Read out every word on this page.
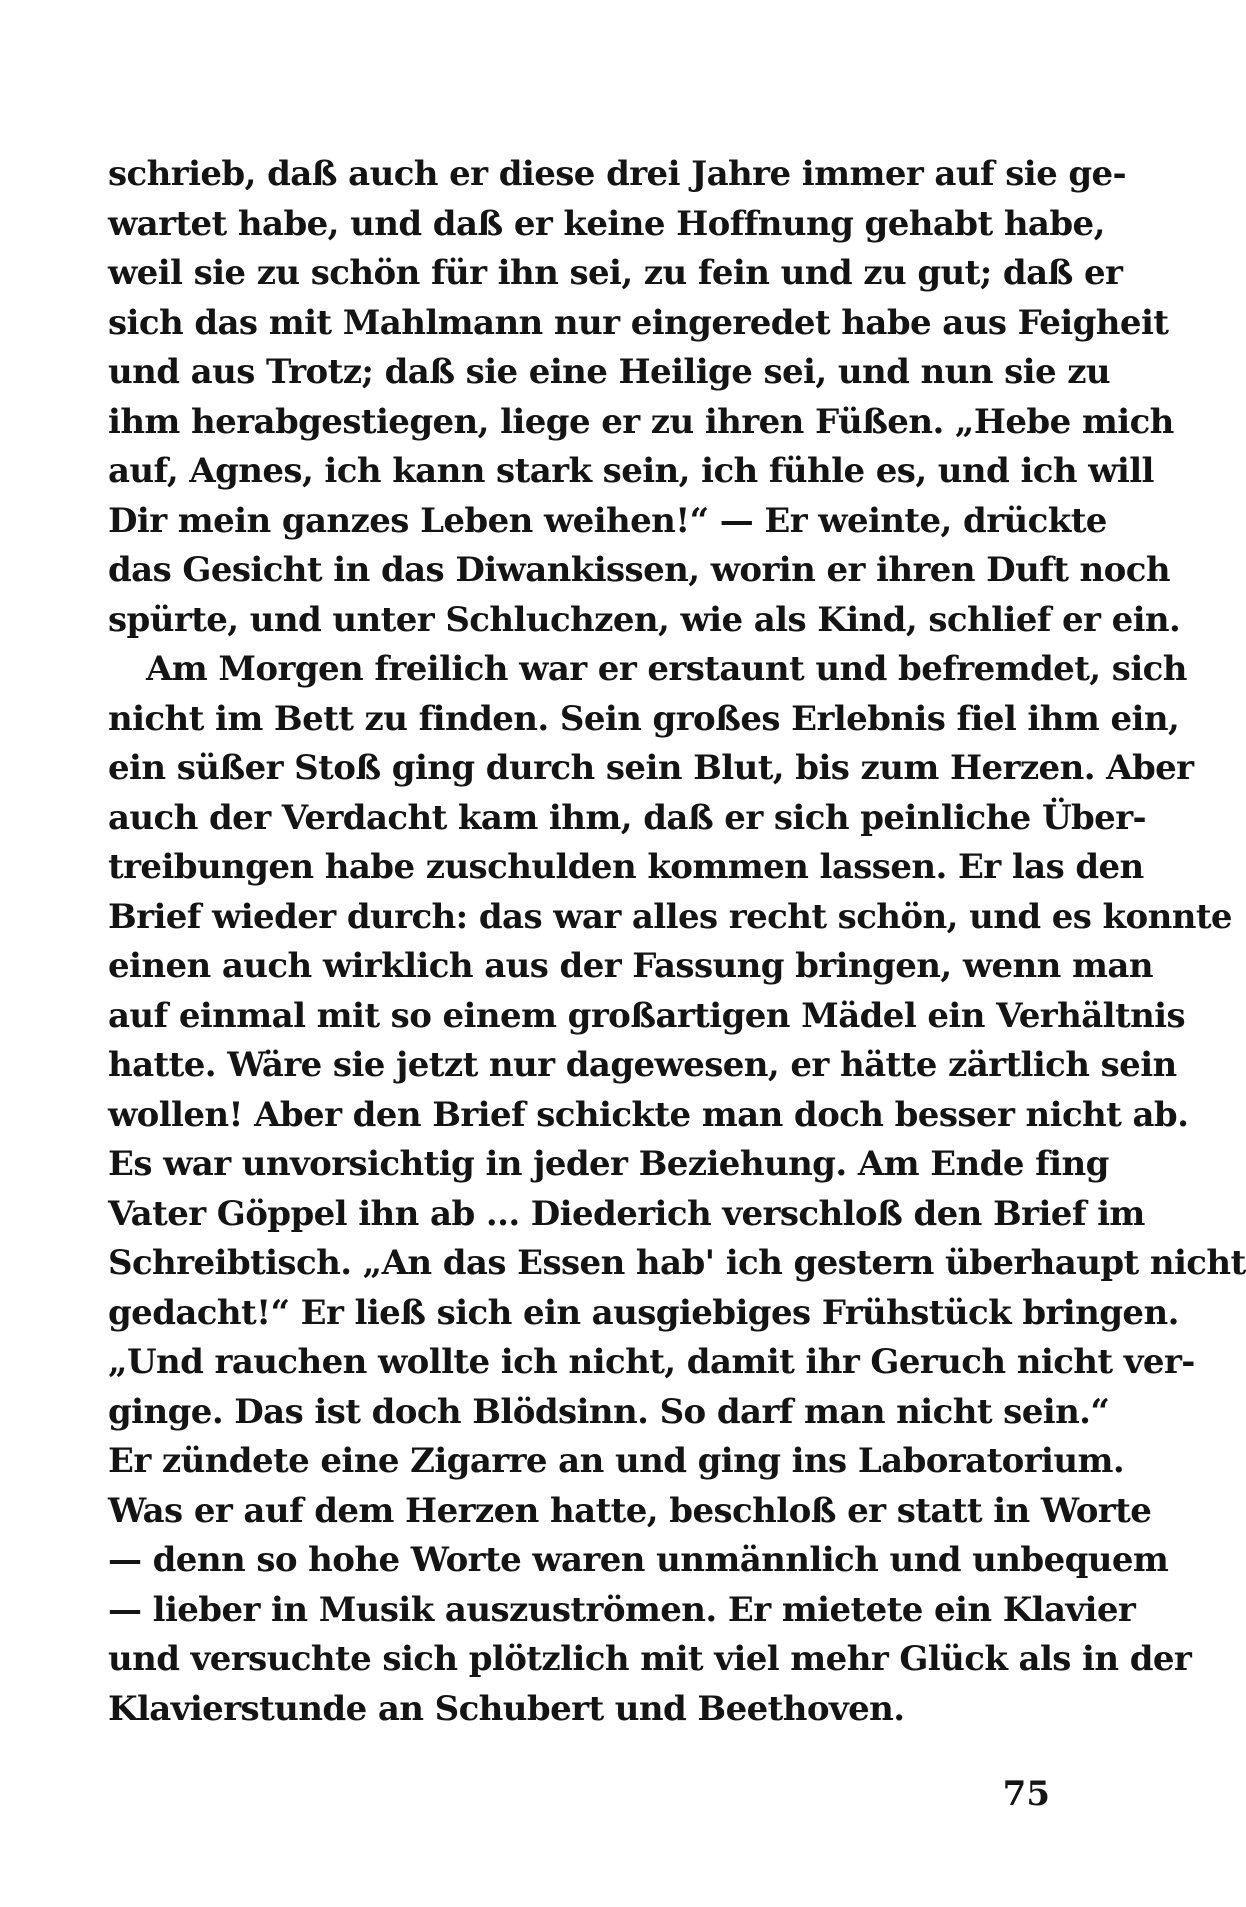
schrieb, daß auch er diese drei Jahre immer auf sie ge-
wartet habe, und daß er keine Hoffnung gehabt habe,
weil sie zu schön für ihn sei, zu fein und zu gut; daß er
sich das mit Mahlmann nur eingeredet habe aus Feigheit
und aus Trotz; daß sie eine Heilige sei, und nun sie zu
ihm herabgestiegen, liege er zu ihren Füßen. „Hebe mich
auf, Agnes, ich kann stark sein, ich fühle es, und ich will
Dir mein ganzes Leben weihen!“ — Er weinte, drückte
das Gesicht in das Diwankissen, worin er ihren Duft noch
spürte, und unter Schluchzen, wie als Kind, schlief er ein.
Am Morgen freilich war er erstaunt und befremdet, sich
nicht im Bett zu finden. Sein großes Erlebnis fiel ihm ein,
ein süßer Stoß ging durch sein Blut, bis zum Herzen. Aber
auch der Verdacht kam ihm, daß er sich peinliche Über-
treibungen habe zuschulden kommen lassen. Er las den
Brief wieder durch: das war alles recht schön, und es konnte
einen auch wirklich aus der Fassung bringen, wenn man
auf einmal mit so einem großartigen Mädel ein Verhältnis
hatte. Wäre sie jetzt nur dagewesen, er hätte zärtlich sein
wollen! Aber den Brief schickte man doch besser nicht ab.
Es war unvorsichtig in jeder Beziehung. Am Ende fing
Vater Göppel ihn ab ... Diederich verschloß den Brief im
Schreibtisch. „An das Essen hab' ich gestern überhaupt nicht
gedacht!“ Er ließ sich ein ausgiebiges Frühstück bringen.
„Und rauchen wollte ich nicht, damit ihr Geruch nicht ver-
ginge. Das ist doch Blödsinn. So darf man nicht sein.“
Er zündete eine Zigarre an und ging ins Laboratorium.
Was er auf dem Herzen hatte, beschloß er statt in Worte
— denn so hohe Worte waren unmännlich und unbequem
— lieber in Musik auszuströmen. Er mietete ein Klavier
und versuchte sich plötzlich mit viel mehr Glück als in der
Klavierstunde an Schubert und Beethoven.
75
